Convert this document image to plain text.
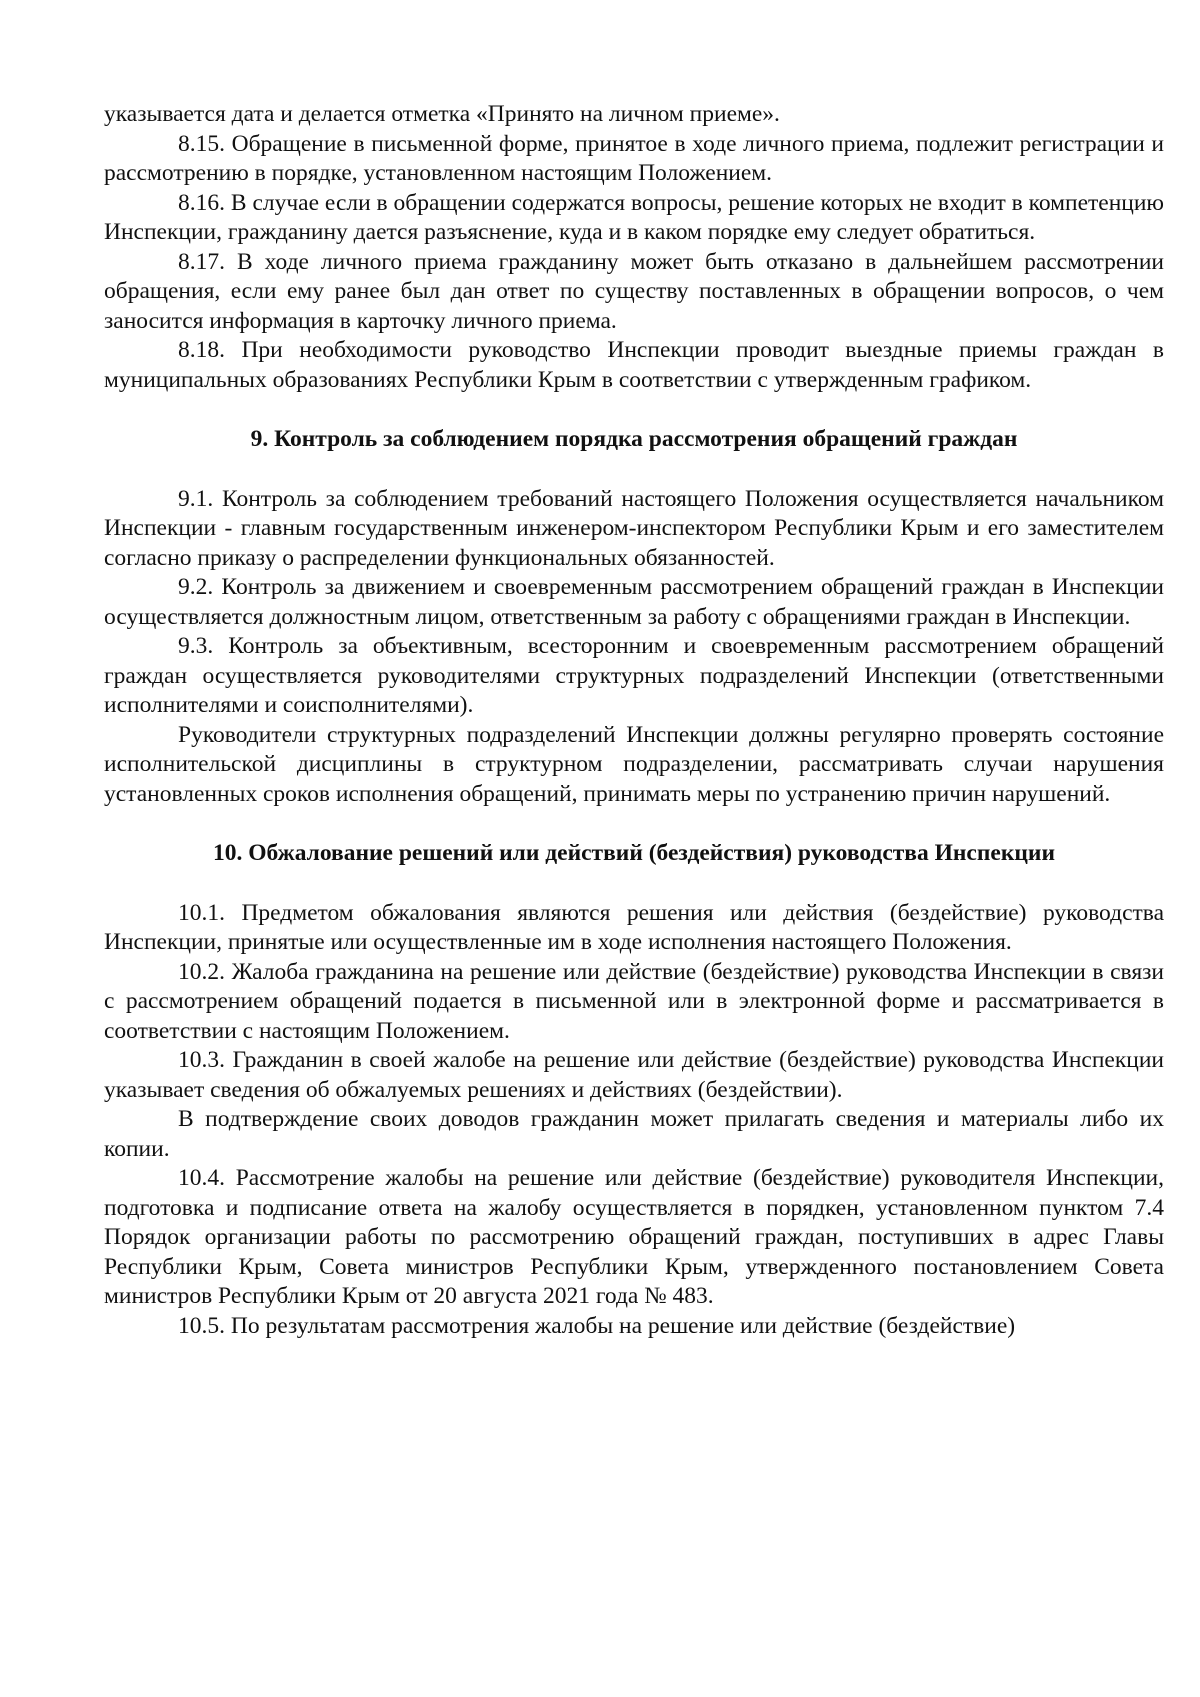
указывается дата и делается отметка «Принято на личном приеме».

8.15. Обращение в письменной форме, принятое в ходе личного приема, подлежит регистрации и рассмотрению в порядке, установленном настоящим Положением.

8.16. В случае если в обращении содержатся вопросы, решение которых не входит в компетенцию Инспекции, гражданину дается разъяснение, куда и в каком порядке ему следует обратиться.

8.17. В ходе личного приема гражданину может быть отказано в дальнейшем рассмотрении обращения, если ему ранее был дан ответ по существу поставленных в обращении вопросов, о чем заносится информация в карточку личного приема.

8.18. При необходимости руководство Инспекции проводит выездные приемы граждан в муниципальных образованиях Республики Крым в соответствии с утвержденным графиком.

9. Контроль за соблюдением порядка рассмотрения обращений граждан

9.1. Контроль за соблюдением требований настоящего Положения осуществляется начальником Инспекции - главным государственным инженером-инспектором Республики Крым и его заместителем согласно приказу о распределении функциональных обязанностей.

9.2. Контроль за движением и своевременным рассмотрением обращений граждан в Инспекции осуществляется должностным лицом, ответственным за работу с обращениями граждан в Инспекции.

9.3. Контроль за объективным, всесторонним и своевременным рассмотрением обращений граждан осуществляется руководителями структурных подразделений Инспекции (ответственными исполнителями и соисполнителями).

Руководители структурных подразделений Инспекции должны регулярно проверять состояние исполнительской дисциплины в структурном подразделении, рассматривать случаи нарушения установленных сроков исполнения обращений, принимать меры по устранению причин нарушений.

10. Обжалование решений или действий (бездействия) руководства Инспекции

10.1. Предметом обжалования являются решения или действия (бездействие) руководства Инспекции, принятые или осуществленные им в ходе исполнения настоящего Положения.

10.2. Жалоба гражданина на решение или действие (бездействие) руководства Инспекции в связи с рассмотрением обращений подается в письменной или в электронной форме и рассматривается в соответствии с настоящим Положением.

10.3. Гражданин в своей жалобе на решение или действие (бездействие) руководства Инспекции указывает сведения об обжалуемых решениях и действиях (бездействии).

В подтверждение своих доводов гражданин может прилагать сведения и материалы либо их копии.

10.4. Рассмотрение жалобы на решение или действие (бездействие) руководителя Инспекции, подготовка и подписание ответа на жалобу осуществляется в порядкен, установленном пунктом 7.4 Порядок организации работы по рассмотрению обращений граждан, поступивших в адрес Главы Республики Крым, Совета министров Республики Крым, утвержденного постановлением Совета министров Республики Крым от 20 августа 2021 года № 483.

10.5. По результатам рассмотрения жалобы на решение или действие (бездействие)
